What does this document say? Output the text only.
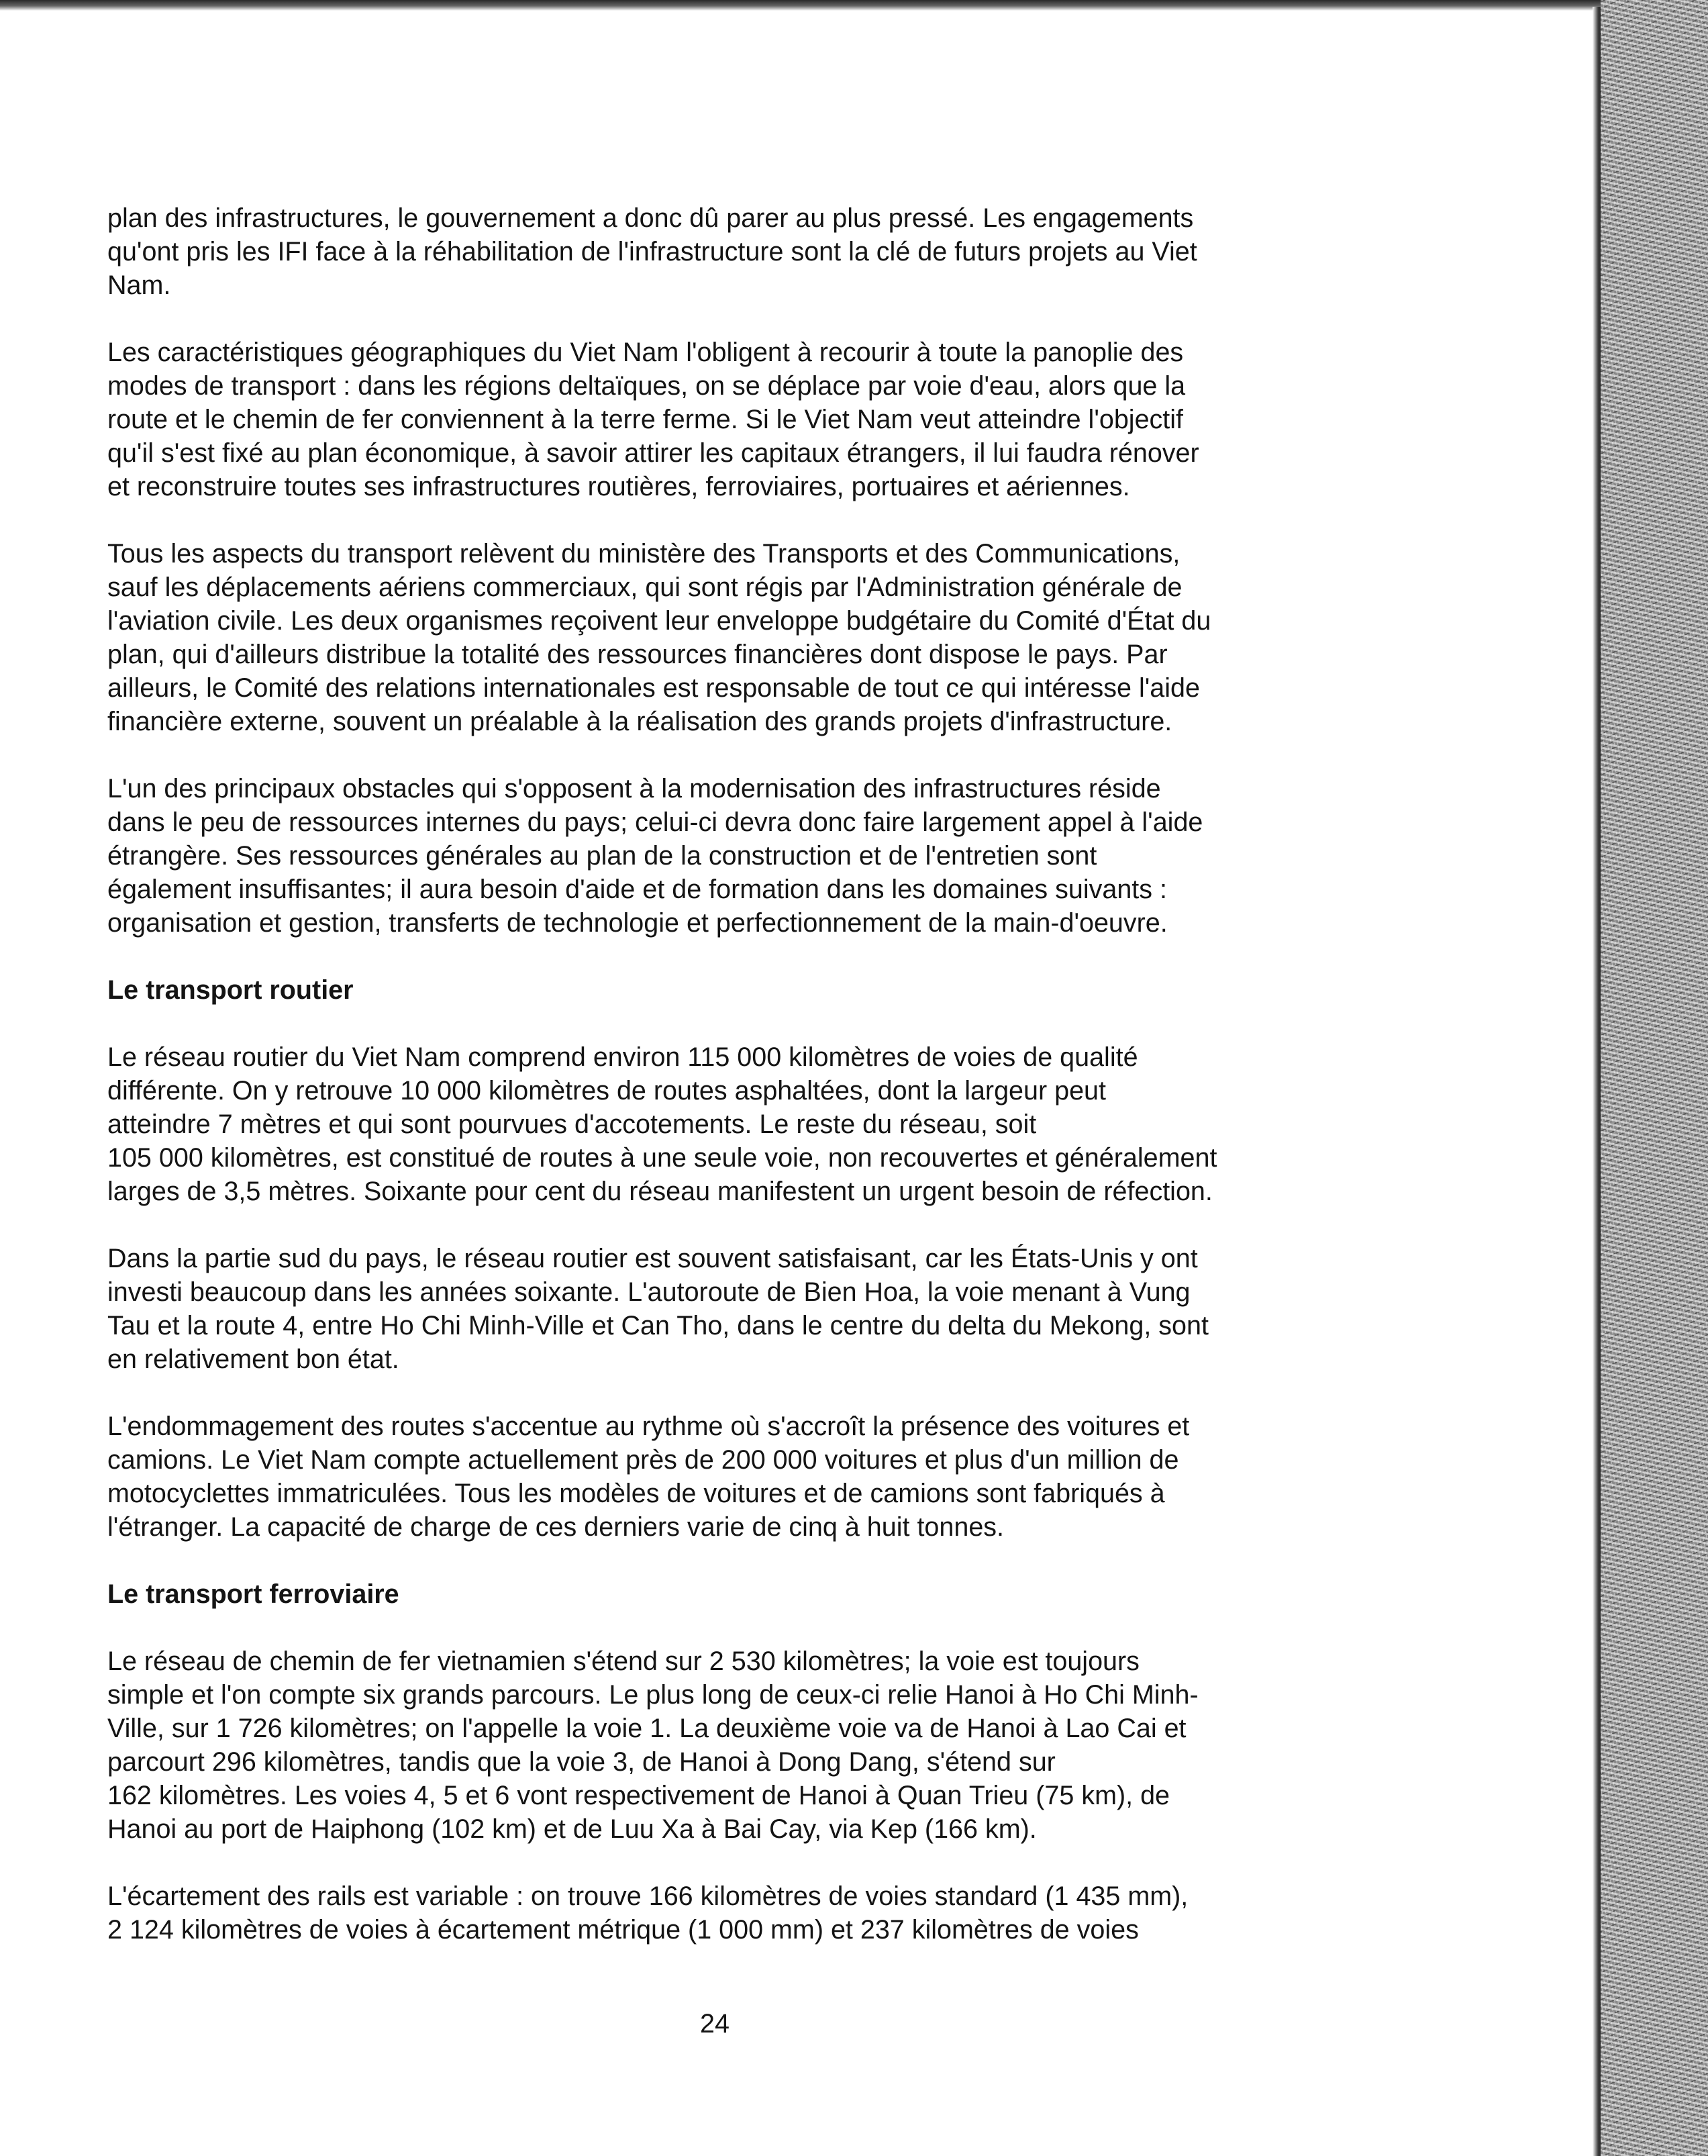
plan des infrastructures, le gouvernement a donc dû parer au plus pressé. Les engagements
qu'ont pris les IFI face à la réhabilitation de l'infrastructure sont la clé de futurs projets au Viet
Nam.

Les caractéristiques géographiques du Viet Nam l'obligent à recourir à toute la panoplie des
modes de transport : dans les régions deltaïques, on se déplace par voie d'eau, alors que la
route et le chemin de fer conviennent à la terre ferme. Si le Viet Nam veut atteindre l'objectif
qu'il s'est fixé au plan économique, à savoir attirer les capitaux étrangers, il lui faudra rénover
et reconstruire toutes ses infrastructures routières, ferroviaires, portuaires et aériennes.

Tous les aspects du transport relèvent du ministère des Transports et des Communications,
sauf les déplacements aériens commerciaux, qui sont régis par l'Administration générale de
l'aviation civile. Les deux organismes reçoivent leur enveloppe budgétaire du Comité d'État du
plan, qui d'ailleurs distribue la totalité des ressources financières dont dispose le pays. Par
ailleurs, le Comité des relations internationales est responsable de tout ce qui intéresse l'aide
financière externe, souvent un préalable à la réalisation des grands projets d'infrastructure.

L'un des principaux obstacles qui s'opposent à la modernisation des infrastructures réside
dans le peu de ressources internes du pays; celui-ci devra donc faire largement appel à l'aide
étrangère. Ses ressources générales au plan de la construction et de l'entretien sont
également insuffisantes; il aura besoin d'aide et de formation dans les domaines suivants :
organisation et gestion, transferts de technologie et perfectionnement de la main-d'oeuvre.

Le transport routier

Le réseau routier du Viet Nam comprend environ 115 000 kilomètres de voies de qualité
différente. On y retrouve 10 000 kilomètres de routes asphaltées, dont la largeur peut
atteindre 7 mètres et qui sont pourvues d'accotements. Le reste du réseau, soit
105 000 kilomètres, est constitué de routes à une seule voie, non recouvertes et généralement
larges de 3,5 mètres. Soixante pour cent du réseau manifestent un urgent besoin de réfection.

Dans la partie sud du pays, le réseau routier est souvent satisfaisant, car les États-Unis y ont
investi beaucoup dans les années soixante. L'autoroute de Bien Hoa, la voie menant à Vung
Tau et la route 4, entre Ho Chi Minh-Ville et Can Tho, dans le centre du delta du Mekong, sont
en relativement bon état.

L'endommagement des routes s'accentue au rythme où s'accroît la présence des voitures et
camions. Le Viet Nam compte actuellement près de 200 000 voitures et plus d'un million de
motocyclettes immatriculées. Tous les modèles de voitures et de camions sont fabriqués à
l'étranger. La capacité de charge de ces derniers varie de cinq à huit tonnes.

Le transport ferroviaire

Le réseau de chemin de fer vietnamien s'étend sur 2 530 kilomètres; la voie est toujours
simple et l'on compte six grands parcours. Le plus long de ceux-ci relie Hanoi à Ho Chi Minh-
Ville, sur 1 726 kilomètres; on l'appelle la voie 1. La deuxième voie va de Hanoi à Lao Cai et
parcourt 296 kilomètres, tandis que la voie 3, de Hanoi à Dong Dang, s'étend sur
162 kilomètres. Les voies 4, 5 et 6 vont respectivement de Hanoi à Quan Trieu (75 km), de
Hanoi au port de Haiphong (102 km) et de Luu Xa à Bai Cay, via Kep (166 km).

L'écartement des rails est variable : on trouve 166 kilomètres de voies standard (1 435 mm),
2 124 kilomètres de voies à écartement métrique (1 000 mm) et 237 kilomètres de voies

24
